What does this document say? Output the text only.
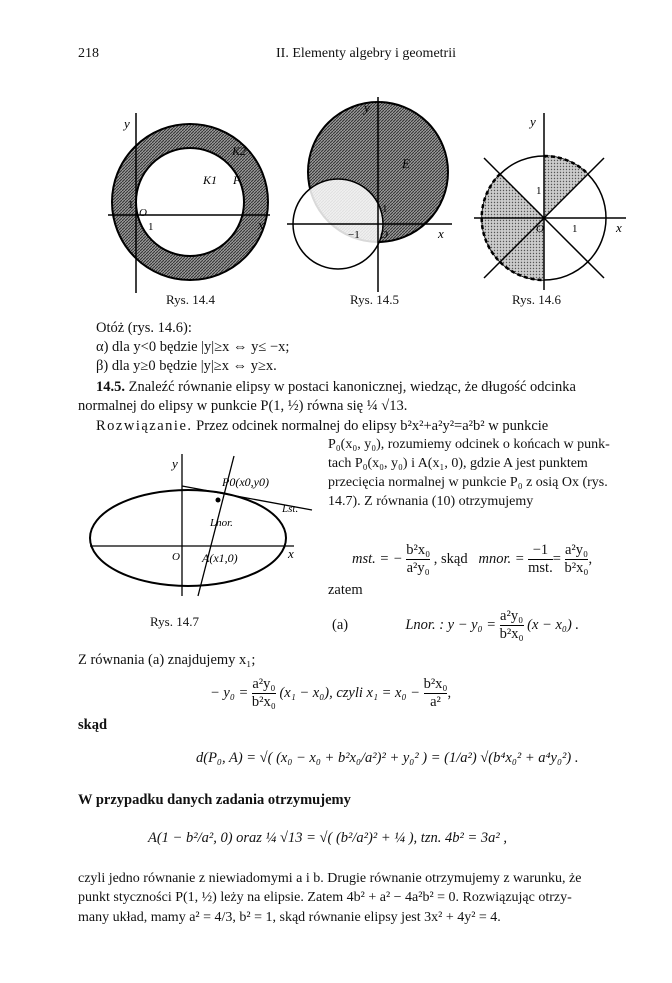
218	II. Elementy algebry i geometrii
y
x
K2
K1 F
1
1
O
Rys. 14.4
y
x
E
1
−1 O
Rys. 14.5
y
x
1
1
O
Rys. 14.6
Otóż (rys. 14.6):
α) dla y<0 będzie |y|≥x ⇔ y≤ −x;
β) dla y≥0 będzie |y|≥x ⇔ y≥x.
14.5. Znaleźć równanie elipsy w postaci kanonicznej, wiedząc, że długość odcinka
normalnej do elipsy w punkcie P(1, ½) równa się ¼ √13.
Rozwiązanie. Przez odcinek normalnej do elipsy b²x²+a²y²=a²b² w punkcie
P₀(x₀, y₀), rozumiemy odcinek o końcach w punk-
tach P₀(x₀, y₀) i A(x₁, 0), gdzie A jest punktem
przecięcia normalnej w punkcie P₀ z osią Ox (rys.
14.7). Z równania (10) otrzymujemy
y
x
P0(x0,y0)
Lst.
Lnor.
A(x1,0)
O
Rys. 14.7
mst. = − $\frac{\text{b²x₀}}{\text{a²y₀}}$ , skąd mnor. =
−1
mst.
= $\frac{\text{a²y₀}}{\text{b²x₀}}$ ,
zatem
(a)	Lnor. : $y - y_0 = \frac{\text{a²y₀}}{\text{b²x₀}} (x - x_0)$ .
Z równania (a) znajdujemy x₁;
− $y_0 = \frac{\text{a²y₀}}{\text{b²x₀}} (x_1 - x_0)$, czyli $x_1 = x_0 - \frac{\text{b²x₀}}{\text{a²}}$ ,
skąd
d(P₀, A) = √( (x₀ − x₀ + b²x₀/a²)² + y₀² ) = (1/a²) √(b⁴x₀² + a⁴y₀²) .
W przypadku danych zadania otrzymujemy
A(1 − b²/a², 0) oraz ¼ √13 = √( (b²/a²)² + ¼ ), tzn. 4b² = 3a² ,
czyli jedno równanie z niewiadomymi a i b. Drugie równanie otrzymujemy z warunku, że
punkt styczności P(1, ½) leży na elipsie. Zatem 4b² + a² − 4a²b² = 0. Rozwiązując otrzy-
many układ, mamy a² = 4/3, b² = 1, skąd równanie elipsy jest 3x² + 4y² = 4.
